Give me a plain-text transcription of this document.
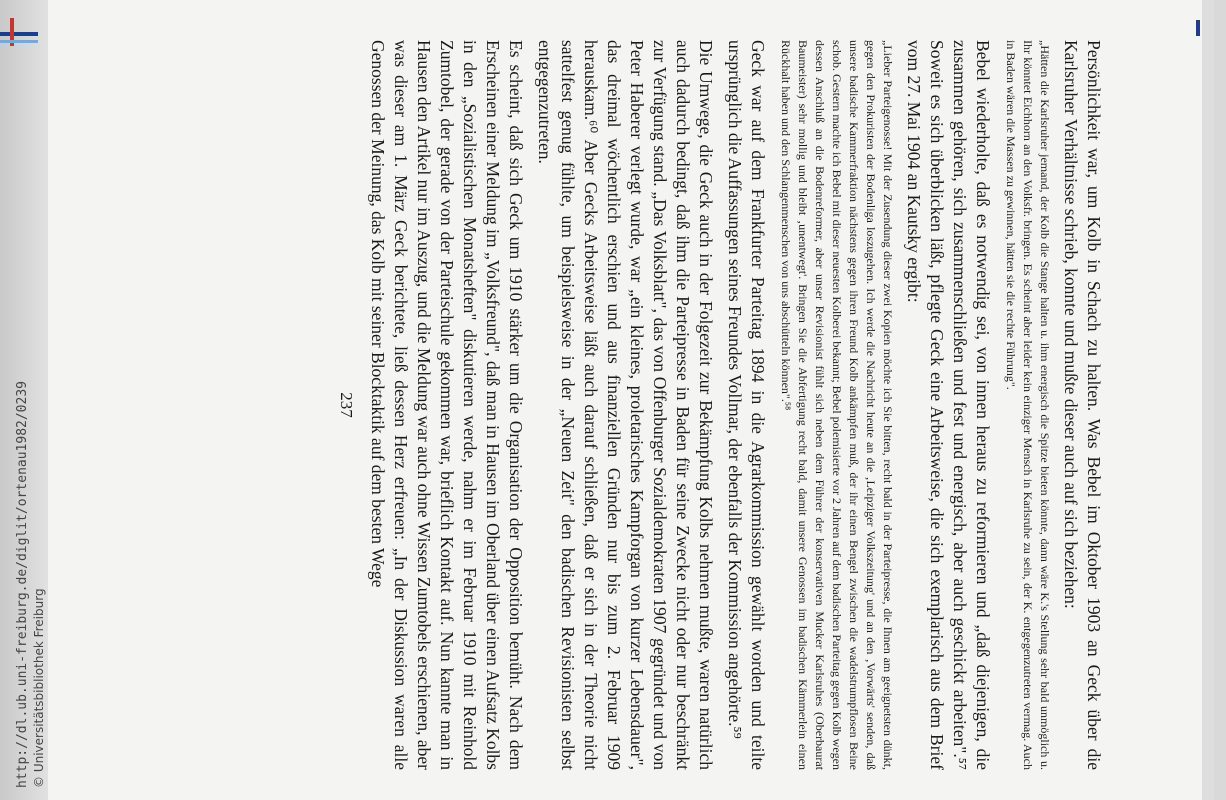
http://dl.ub.uni-freiburg.de/diglit/ortenau1982/0239 © Universitätsbibliothek Freiburg	Persönlichkeit war, um Kolb in Schach zu halten. Was Bebel im Oktober 1903 an Geck über die Karlsruher Verhältnisse schrieb, konnte und mußte dieser auch auf sich beziehen:

„Hätten die Karlsruher jemand, der Kolb die Stange halten u. ihm energisch die Spitze bieten könnte, dann wäre K.'s Stellung sehr bald unmöglich u. Ihr könntet Eichhorn an den Volksfr. bringen. Es scheint aber leider kein einziger Mensch in Karlsruhe zu sein, der K. entgegenzutreten vermag. Auch in Baden wären die Massen zu gewinnen, hätten sie die rechte Führung".

Bebel wiederholte, daß es notwendig sei, von innen heraus zu reformieren und „daß diejenigen, die zusammen gehören, sich zusammenschließen und fest und energisch, aber auch geschickt arbeiten".⁵⁷ Soweit es sich überblicken läßt, pflegte Geck eine Arbeitsweise, die sich exemplarisch aus dem Brief vom 27. Mai 1904 an Kautsky ergibt:

„Lieber Parteigenosse! Mit der Zusendung dieser zwei Kopien möchte ich Sie bitten, recht bald in der Parteipresse, die Ihnen am geeignetsten dünkt, gegen den Prokuristen der Bodenliga loszugehen. Ich werde die Nachricht heute an die ‚Leipziger Volkszeitung' und an den ‚Vorwärts' senden, daß unsere badische Kammerfraktion nächstens gegen ihren Freund Kolb ankämpfen muß, der ihr einen Bengel zwischen die wadelstrumpflosen Beine schob. Gestern machte ich Bebel mit dieser neuesten Kolberei bekannt; Bebel polemisierte vor 2 Jahren auf dem badischen Parteitag gegen Kolb wegen dessen Anschluß an die Bodenreformer, aber unser Revisionist fühlt sich neben dem Führer der konservativen Mucker Karlsruhes (Oberbaurat Baumeister) sehr mollig und bleibt ‚unentwegt'. Bringen Sie die Abfertigung recht bald, damit unsere Genossen im badischen Kämmerlein einen Rückhalt haben und den Schlangenmenschen von uns abschütteln können".⁵⁸

Geck war auf dem Frankfurter Parteitag 1894 in die Agrarkommission gewählt worden und teilte ursprünglich die Auffassungen seines Freundes Vollmar, der ebenfalls der Kommission angehörte.⁵⁹

Die Umwege, die Geck auch in der Folgezeit zur Bekämpfung Kolbs nehmen mußte, waren natürlich auch dadurch bedingt, daß ihm die Parteipresse in Baden für seine Zwecke nicht oder nur beschränkt zur Verfügung stand. „Das Volksblatt", das von Offenburger Sozialdemokraten 1907 gegründet und von Peter Haberer verlegt wurde, war „ein kleines, proletarisches Kampforgan von kurzer Lebensdauer", das dreimal wöchentlich erschien und aus finanziellen Gründen nur bis zum 2. Februar 1909 herauskam.⁶⁰ Aber Gecks Arbeitsweise läßt auch darauf schließen, daß er sich in der Theorie nicht sattelfest genug fühlte, um beispielsweise in der „Neuen Zeit" den badischen Revisionisten selbst entgegenzutreten.

Es scheint, daß sich Geck um 1910 stärker um die Organisation der Opposition bemüht. Nach dem Erscheinen einer Meldung im „Volksfreund", daß man in Hausen im Oberland über einen Aufsatz Kolbs in den „Sozialistischen Monatsheften" diskutieren werde, nahm er im Februar 1910 mit Reinhold Zumtobel, der gerade von der Parteischule gekommen war, brieflich Kontakt auf. Nun kannte man in Hausen den Artikel nur im Auszug, und die Meldung war auch ohne Wissen Zumtobels erschienen, aber was dieser am 1. März Geck berichtete, ließ dessen Herz erfreuen: „In der Diskussion waren alle Genossen der Meinung, das Kolb mit seiner Blocktaktik auf dem besten Wege

237
